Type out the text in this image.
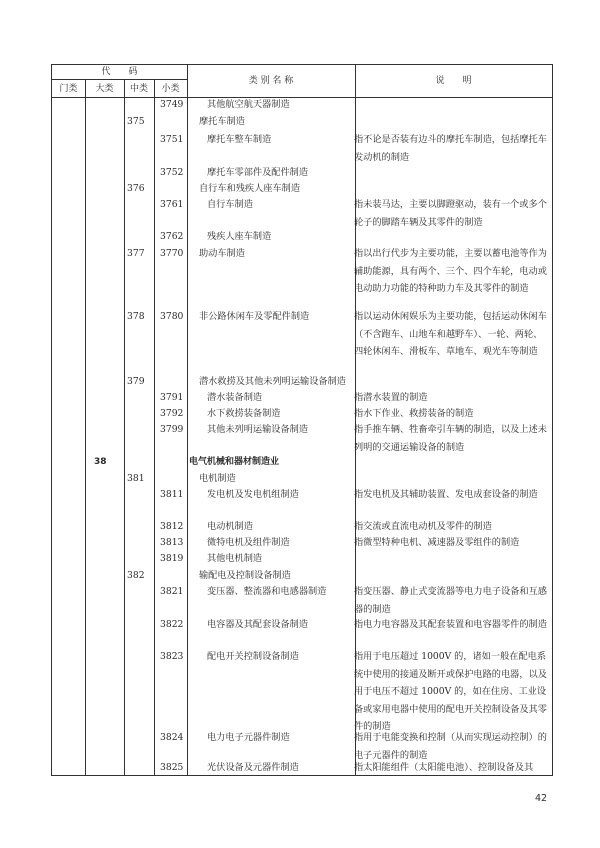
代　　码
门类	大类	中类	小类
类 别 名 称	说　　明
3749	其他航空航天器制造
375	摩托车制造
3751	摩托车整车制造	指不论是否装有边斗的摩托车制造，包括摩托车发动机的制造
3752	摩托车零部件及配件制造
376	自行车和残疾人座车制造
3761	自行车制造	指未装马达，主要以脚蹬驱动，装有一个或多个轮子的脚踏车辆及其零件的制造
3762	残疾人座车制造
377 3770 助动车制造	指以出行代步为主要功能，主要以蓄电池等作为辅助能源，具有两个、三个、四个车轮，电动或电动助力功能的特种助力车及其零件的制造
378 3780 非公路休闲车及零配件制造	指以运动休闲娱乐为主要功能，包括运动休闲车（不含跑车、山地车和越野车）、一轮、两轮、四轮休闲车、滑板车、草地车、观光车等制造
379	潜水救捞及其他未列明运输设备制造
3791	潜水装备制造	指潜水装置的制造
3792	水下救捞装备制造	指水下作业、救捞装备的制造
3799	其他未列明运输设备制造	指手推车辆、牲畜牵引车辆的制造，以及上述未列明的交通运输设备的制造
38	电气机械和器材制造业
381	电机制造
3811	发电机及发电机组制造	指发电机及其辅助装置、发电成套设备的制造
3812	电动机制造	指交流或直流电动机及零件的制造
3813	微特电机及组件制造	指微型特种电机、减速器及零组件的制造
3819	其他电机制造
382	输配电及控制设备制造
3821	变压器、整流器和电感器制造	指变压器、静止式变流器等电力电子设备和互感器的制造
3822	电容器及其配套设备制造	指电力电容器及其配套装置和电容器零件的制造
3823	配电开关控制设备制造	指用于电压超过 1000V 的，诸如一般在配电系统中使用的接通及断开或保护电路的电器，以及用于电压不超过 1000V 的，如在住房、工业设备或家用电器中使用的配电开关控制设备及其零件的制造
3824	电力电子元器件制造	指用于电能变换和控制（从而实现运动控制）的电子元器件的制造
3825	光伏设备及元器件制造	指太阳能组件（太阳能电池）、控制设备及其
42
